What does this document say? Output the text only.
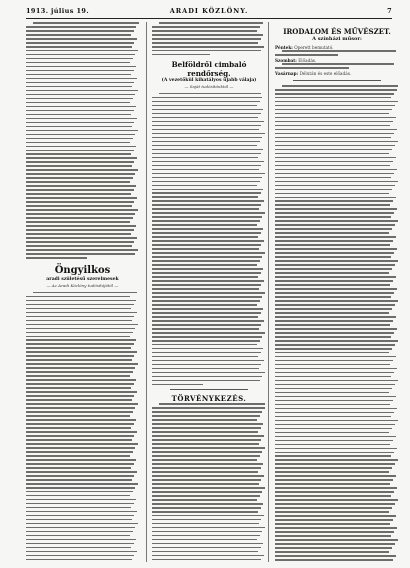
1913. július 19.	ARADI KÖZLÖNY.	7
Öngyilkos
aradi születésű szerelmesek
— Az Aradi Közlöny tudósítójától —
Belföldről cimbaló
rendőrség.
(A vezetőkül kihatályos újabb válaja)
— Saját tudósítónktól —
TÖRVÉNYKEZÉS.
IRODALOM ÉS MŰVÉSZET.
A színházi műsor:
Péntek: Operett bemutató.
Szombat: Előadás.
Vasárnap: Délután és este előadás.
